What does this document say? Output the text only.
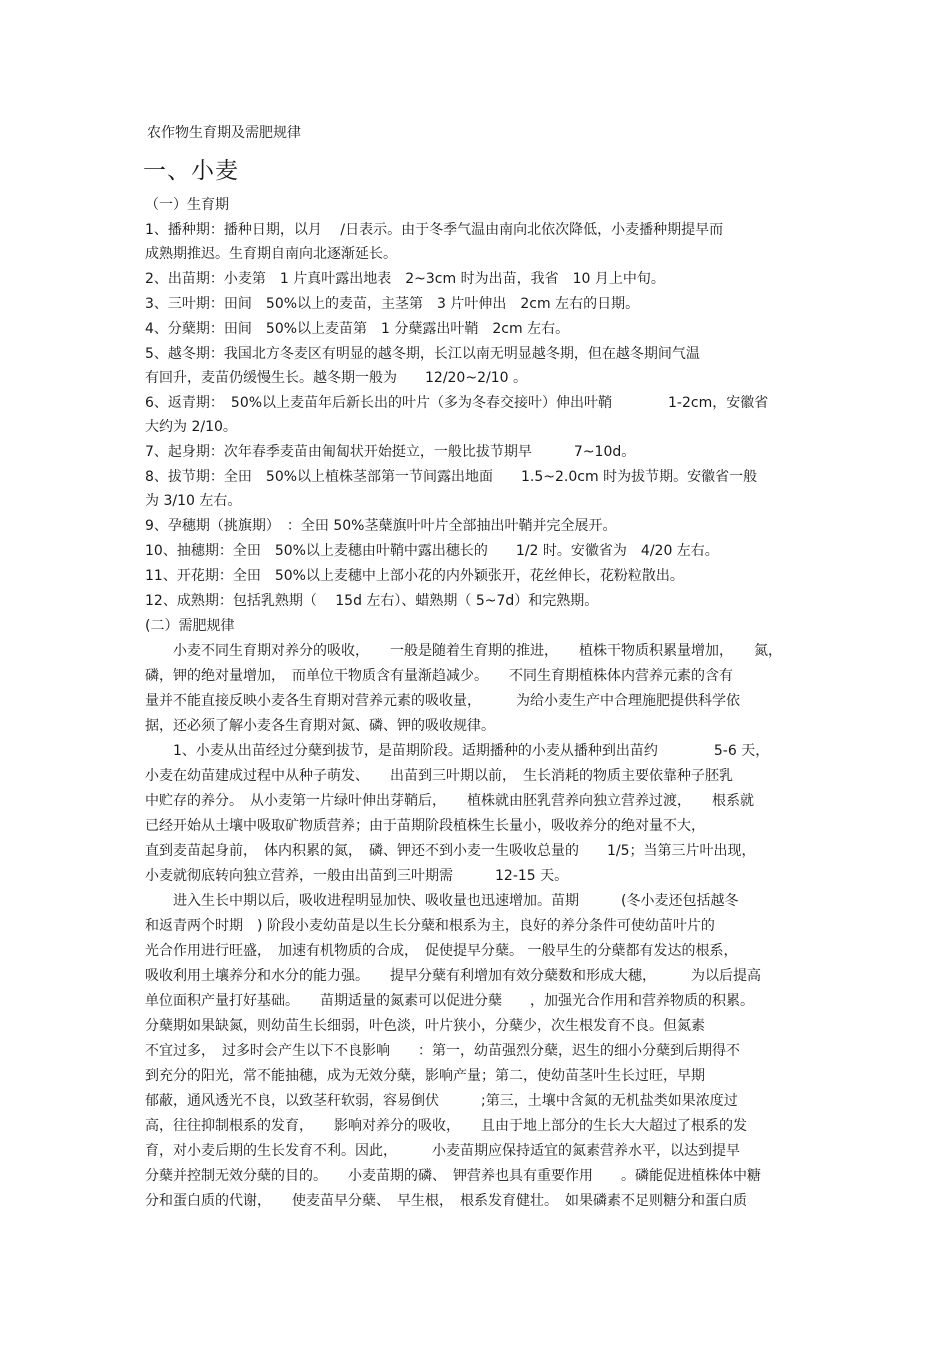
农作物生育期及需肥规律
一、小麦
（一）生育期
1、播种期：播种日期，以月　 /日表示。由于冬季气温由南向北依次降低，小麦播种期提早而
成熟期推迟。生育期自南向北逐渐延长。
2、出苗期：小麦第　1 片真叶露出地表　2~3cm 时为出苗，我省　10 月上中旬。
3、三叶期：田间　50%以上的麦苗，主茎第　3 片叶伸出　2cm 左右的日期。
4、分蘖期：田间　50%以上麦苗第　1 分蘖露出叶鞘　2cm 左右。
5、越冬期：我国北方冬麦区有明显的越冬期，长江以南无明显越冬期，但在越冬期间气温
有回升，麦苗仍缓慢生长。越冬期一般为　　12/20~2/10 。
6、返青期：　50%以上麦苗年后新长出的叶片（多为冬春交接叶）伸出叶鞘　　　　1-2cm，安徽省
大约为 2/10。
7、起身期：次年春季麦苗由匍匐状开始挺立，一般比拔节期早　　　7~10d。
8、拔节期：全田　50%以上植株茎部第一节间露出地面　　1.5~2.0cm 时为拔节期。安徽省一般
为 3/10 左右。
9、孕穗期（挑旗期）　：全田 50%茎蘖旗叶叶片全部抽出叶鞘并完全展开。
10、抽穗期：全田　50%以上麦穗由叶鞘中露出穗长的　　1/2 时。安徽省为　4/20 左右。
11、开花期：全田　50%以上麦穗中上部小花的内外颖张开，花丝伸长，花粉粒散出。
12、成熟期：包括乳熟期（　 15d 左右）、蜡熟期（ 5~7d）和完熟期。
(二）需肥规律
　　小麦不同生育期对养分的吸收，　　一般是随着生育期的推进，　　植株干物质积累量增加，　　氮，
磷，钾的绝对量增加，　而单位干物质含有量渐趋减少。　　不同生育期植株体内营养元素的含有
量并不能直接反映小麦各生育期对营养元素的吸收量，　　　为给小麦生产中合理施肥提供科学依
据，还必须了解小麦各生育期对氮、磷、钾的吸收规律。
　　1、小麦从出苗经过分蘖到拔节，是苗期阶段。适期播种的小麦从播种到出苗约　　　　5-6 天，
小麦在幼苗建成过程中从种子萌发、　　出苗到三叶期以前，　生长消耗的物质主要依靠种子胚乳
中贮存的养分。　从小麦第一片绿叶伸出芽鞘后，　　植株就由胚乳营养向独立营养过渡，　　根系就
已经开始从土壤中吸取矿物质营养；由于苗期阶段植株生长量小，吸收养分的绝对量不大，
直到麦苗起身前，　体内积累的氮，　磷、钾还不到小麦一生吸收总量的　　1/5；当第三片叶出现，
小麦就彻底转向独立营养，一般由出苗到三叶期需　　　12-15 天。
　　进入生长中期以后，吸收进程明显加快、吸收量也迅速增加。苗期　　　(冬小麦还包括越冬
和返青两个时期　) 阶段小麦幼苗是以生长分蘖和根系为主，良好的养分条件可使幼苗叶片的
光合作用进行旺盛，　加速有机物质的合成，　促使提早分蘖。 一般早生的分蘖都有发达的根系，
吸收利用土壤养分和水分的能力强。　　提早分蘖有利增加有效分蘖数和形成大穗，　　　为以后提高
单位面积产量打好基础。　　苗期适量的氮素可以促进分蘖　　，加强光合作用和营养物质的积累。
分蘖期如果缺氮，则幼苗生长细弱，叶色淡，叶片狭小，分蘖少，次生根发育不良。但氮素
不宜过多，　过多时会产生以下不良影响　　：第一，幼苗强烈分蘖，迟生的细小分蘖到后期得不
到充分的阳光，常不能抽穗，成为无效分蘖，影响产量；第二，使幼苗茎叶生长过旺，早期
郁蔽，通风透光不良，以致茎秆软弱，容易倒伏　　　;第三，土壤中含氮的无机盐类如果浓度过
高，往往抑制根系的发育，　　影响对养分的吸收，　　且由于地上部分的生长大大超过了根系的发
育，对小麦后期的生长发育不利。因此，　　　小麦苗期应保持适宜的氮素营养水平，以达到提早
分蘖并控制无效分蘖的目的。　　小麦苗期的磷、　钾营养也具有重要作用　　。磷能促进植株体中糖
分和蛋白质的代谢，　　使麦苗早分蘖、　早生根，　根系发育健壮。　如果磷素不足则糖分和蛋白质
